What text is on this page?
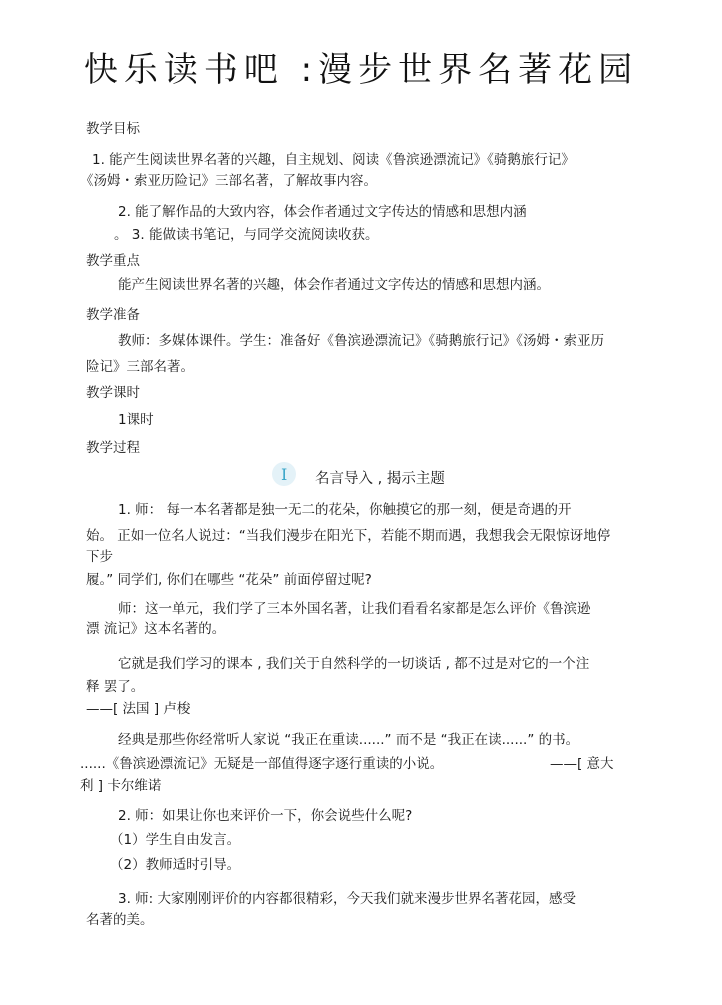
快乐读书吧 :漫步世界名著花园
教学目标
1. 能产生阅读世界名著的兴趣，自主规划、阅读《鲁滨逊漂流记》《骑鹅旅行记》
《汤姆・索亚历险记》三部名著，了解故事内容。
2. 能了解作品的大致内容，体会作者通过文字传达的情感和思想内涵
。 3. 能做读书笔记，与同学交流阅读收获。
教学重点
能产生阅读世界名著的兴趣，体会作者通过文字传达的情感和思想内涵。
教学准备
教师：多媒体课件。学生：准备好《鲁滨逊漂流记》《骑鹅旅行记》《汤姆・索亚历
险记》三部名著。
教学课时
1课时
教学过程
I 名言导入 , 揭示主题
1. 师： 每一本名著都是独一无二的花朵，你触摸它的那一刻，便是奇遇的开
始。 正如一位名人说过：“当我们漫步在阳光下，若能不期而遇，我想我会无限惊讶地停
下步
履。” 同学们, 你们在哪些 “花朵” 前面停留过呢?
师：这一单元，我们学了三本外国名著，让我们看看名家都是怎么评价《鲁滨逊
漂 流记》这本名著的。
它就是我们学习的课本 , 我们关于自然科学的一切谈话 , 都不过是对它的一个注
释 罢了。
——[ 法国 ] 卢梭
经典是那些你经常听人家说 “我正在重读......” 而不是 “我正在读......” 的书。
......《鲁滨逊漂流记》无疑是一部值得逐字逐行重读的小说。	——[ 意大
利 ] 卡尔维诺
2. 师：如果让你也来评价一下，你会说些什么呢?
（1）学生自由发言。
（2）教师适时引导。
3. 师: 大家刚刚评价的内容都很精彩，今天我们就来漫步世界名著花园，感受
名著的美。
